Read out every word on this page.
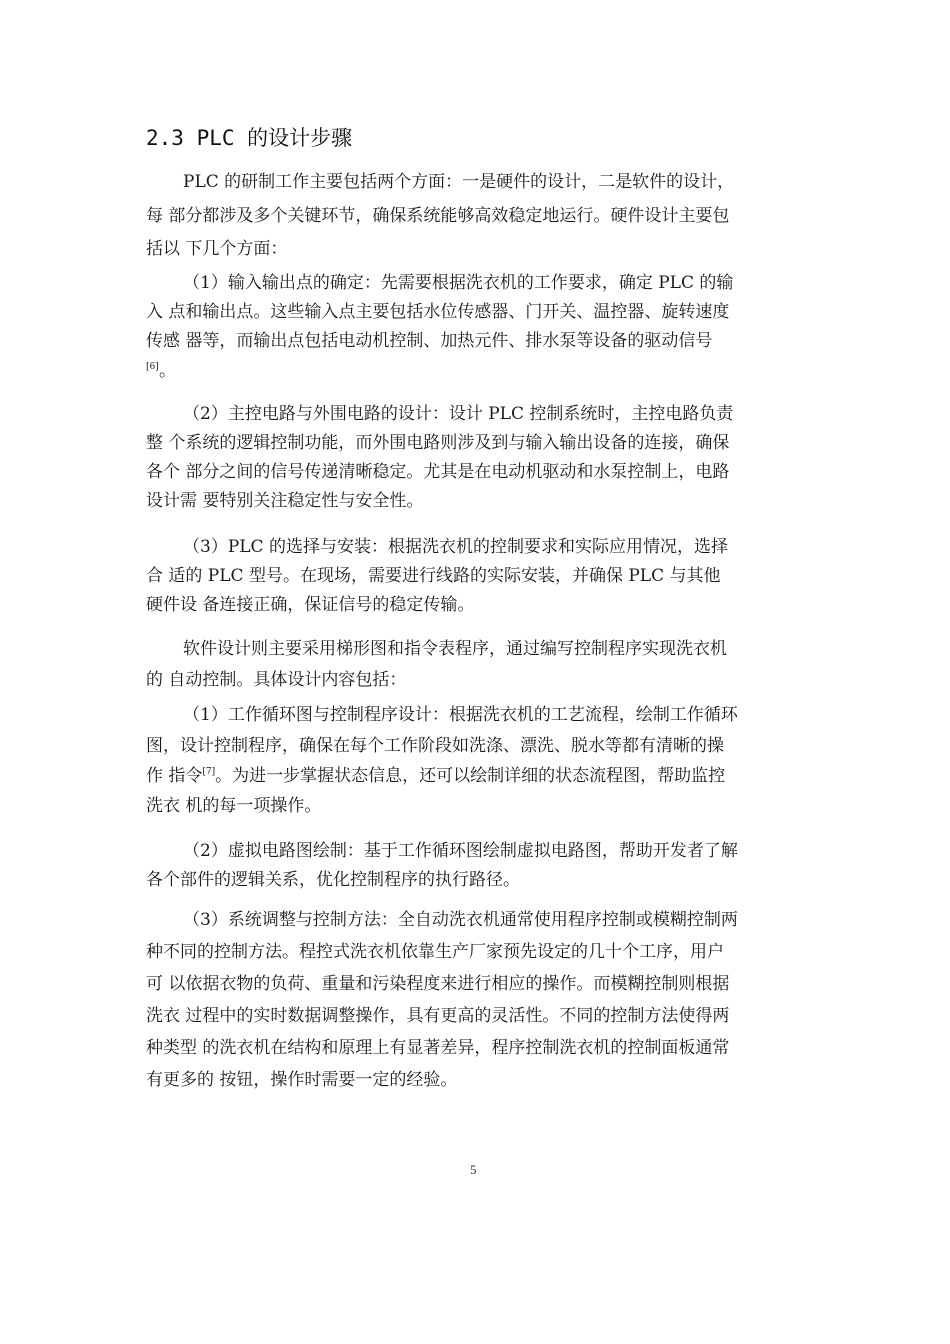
2.3 PLC 的设计步骤
PLC 的研制工作主要包括两个方面：一是硬件的设计，二是软件的设计，
每 部分都涉及多个关键环节，确保系统能够高效稳定地运行。硬件设计主要包
括以 下几个方面：
（1）输入输出点的确定：先需要根据洗衣机的工作要求，确定 PLC 的输
入 点和输出点。这些输入点主要包括水位传感器、门开关、温控器、旋转速度
传感 器等，而输出点包括电动机控制、加热元件、排水泵等设备的驱动信号
[6] 。
（2）主控电路与外围电路的设计：设计 PLC 控制系统时，主控电路负责
整 个系统的逻辑控制功能，而外围电路则涉及到与输入输出设备的连接，确保
各个 部分之间的信号传递清晰稳定。尤其是在电动机驱动和水泵控制上，电路
设计需 要特别关注稳定性与安全性。
（3）PLC 的选择与安装：根据洗衣机的控制要求和实际应用情况，选择
合 适的 PLC 型号。在现场，需要进行线路的实际安装，并确保 PLC 与其他
硬件设 备连接正确，保证信号的稳定传输。
软件设计则主要采用梯形图和指令表程序，通过编写控制程序实现洗衣机
的 自动控制。具体设计内容包括：
（1）工作循环图与控制程序设计：根据洗衣机的工艺流程，绘制工作循环
图，设计控制程序，确保在每个工作阶段如洗涤、漂洗、脱水等都有清晰的操
作 指令[7]。为进一步掌握状态信息，还可以绘制详细的状态流程图，帮助监控
洗衣 机的每一项操作。
（2）虚拟电路图绘制：基于工作循环图绘制虚拟电路图，帮助开发者了解
各个部件的逻辑关系，优化控制程序的执行路径。
（3）系统调整与控制方法：全自动洗衣机通常使用程序控制或模糊控制两
种不同的控制方法。程控式洗衣机依靠生产厂家预先设定的几十个工序，用户
可 以依据衣物的负荷、重量和污染程度来进行相应的操作。而模糊控制则根据
洗衣 过程中的实时数据调整操作，具有更高的灵活性。不同的控制方法使得两
种类型 的洗衣机在结构和原理上有显著差异，程序控制洗衣机的控制面板通常
有更多的 按钮，操作时需要一定的经验。
5
